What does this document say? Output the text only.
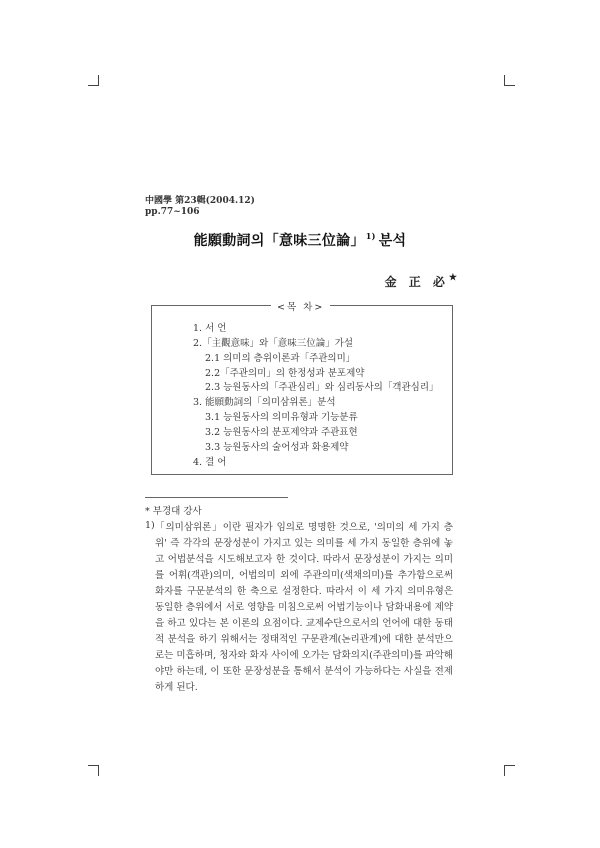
中國學 第23輯(2004.12)
pp.77~106
能願動詞의「意味三位論」$^{1)}$ 분석
金 正 必★
<목 차>
1. 서 언
2.「主觀意味」와「意味三位論」가설
2.1 의미의 층위이론과「주관의미」
2.2「주관의미」의 한정성과 분포제약
2.3 능원동사의「주관심리」와 심리동사의「객관심리」
3. 能願動詞의「의미삼위론」분석
3.1 능원동사의 의미유형과 기능분류
3.2 능원동사의 분포제약과 주관표현
3.3 능원동사의 술어성과 화용제약
4. 결 어
* 부경대 강사
1) 「의미삼위론」이란 필자가 임의로 명명한 것으로, '의미의 세 가지 층위' 즉 각각의 문장성분이 가지고 있는 의미를 세 가지 동일한 층위에 놓고 어법분석을 시도해보고자 한 것이다. 따라서 문장성분이 가지는 의미를 어휘(객관)의미, 어법의미 외에 주관의미(색채의미)를 추가함으로써 화자를 구문분석의 한 축으로 설정한다. 따라서 이 세 가지 의미유형은 동일한 층위에서 서로 영향을 미침으로써 어법기능이나 담화내용에 제약을 하고 있다는 본 이론의 요점이다. 교제수단으로서의 언어에 대한 동태적 분석을 하기 위해서는 정태적인 구문관계(논리관계)에 대한 분석만으로는 미흡하며, 청자와 화자 사이에 오가는 담화의지(주관의미)를 파악해야만 하는데, 이 또한 문장성분을 통해서 분석이 가능하다는 사실을 전제하게 된다.
